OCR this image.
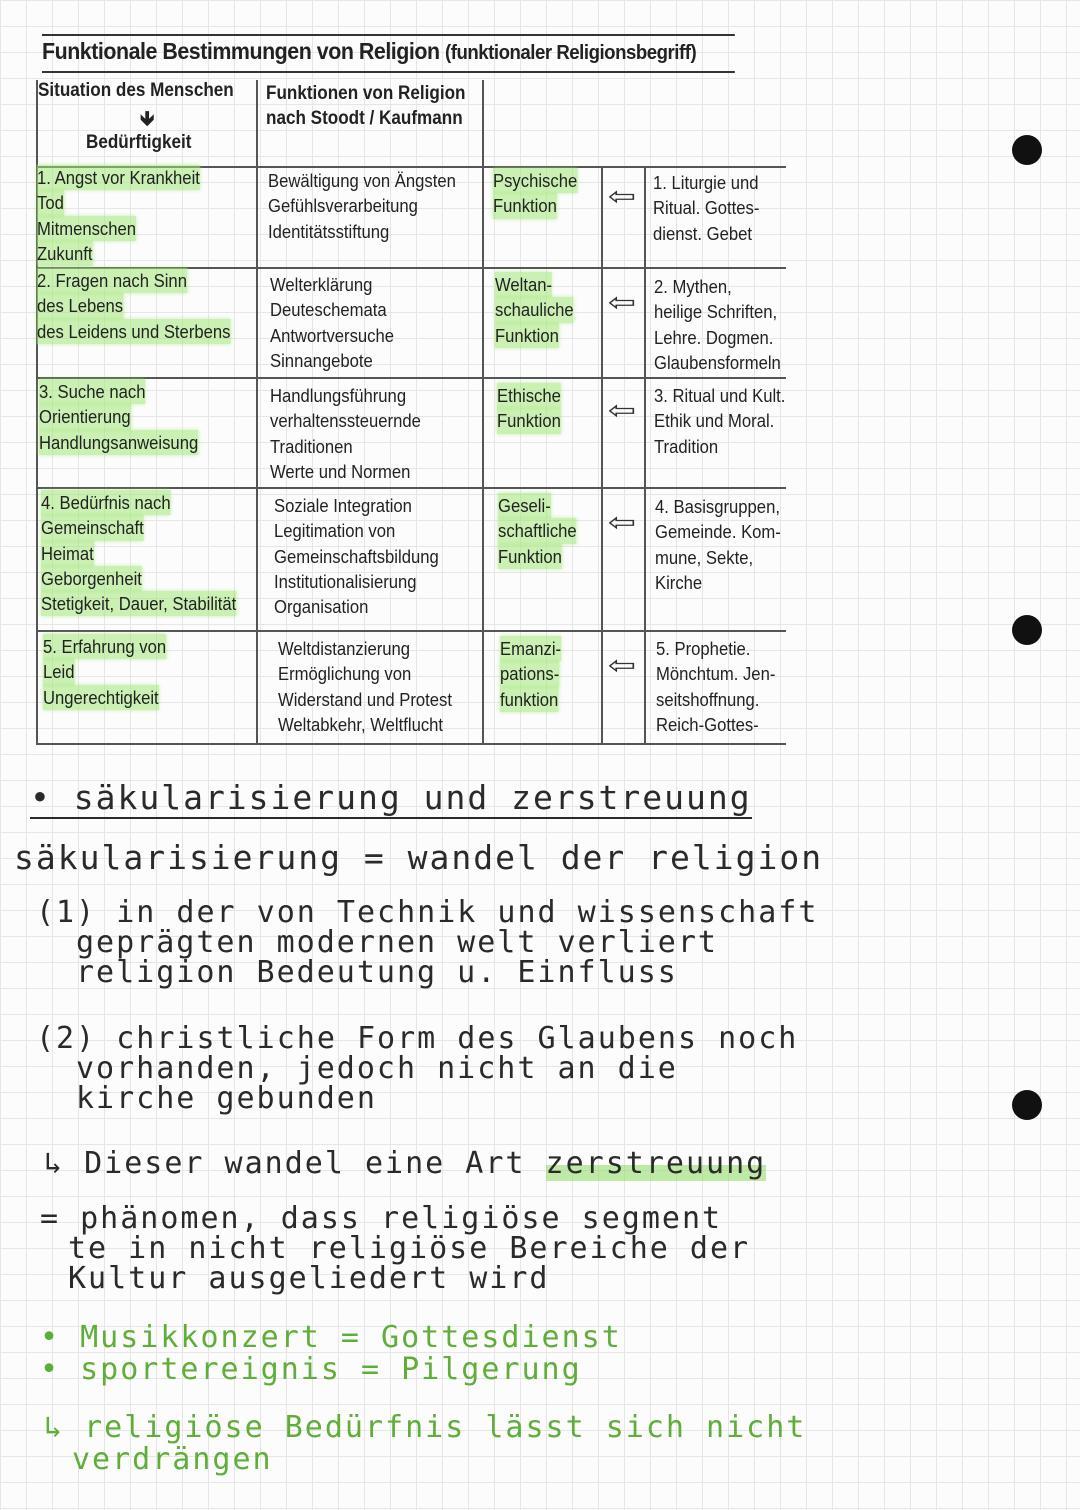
Funktionale Bestimmungen von Religion (funktionaler Religionsbegriff)
Situation des Menschen
🡻
Bedürftigkeit
Funktionen von Religion
nach Stoodt / Kaufmann
1. Angst vor Krankheit
Tod
Mitmenschen
Zukunft
Bewältigung von Ängsten
Gefühlsverarbeitung
Identitätsstiftung
Psychische
Funktion ⇦ 1. Liturgie und
Ritual. Gottes-
dienst. Gebet
2. Fragen nach Sinn
des Lebens
des Leidens und Sterbens
Welterklärung
Deuteschemata
Antwortversuche
Sinnangebote
Weltan-
schauliche
Funktion
⇦
2. Mythen,
heilige Schriften,
Lehre. Dogmen.
Glaubensformeln
3. Suche nach
Orientierung
Handlungsanweisung
Handlungsführung
verhaltenssteuernde
Traditionen
Werte und Normen
Ethische
Funktion ⇦ 3. Ritual und Kult.
Ethik und Moral.
Tradition
4. Bedürfnis nach
Gemeinschaft
Heimat
Geborgenheit
Stetigkeit, Dauer, Stabilität
Soziale Integration
Legitimation von
Gemeinschaftsbildung
Institutionalisierung
Organisation
Geseli-
schaftliche
Funktion
⇦
4. Basisgruppen,
Gemeinde. Kom-
mune, Sekte,
Kirche
5. Erfahrung von
Leid
Ungerechtigkeit
Weltdistanzierung
Ermöglichung von
Widerstand und Protest
Weltabkehr, Weltflucht
Emanzi-
pations-
funktion
⇦
5. Prophetie.
Mönchtum. Jen-
seitshoffnung.
Reich-Gottes-
• säkularisierung und zerstreuung
säkularisierung = wandel der religion
(1) in der von Technik und wissenschaft
geprägten modernen welt verliert
religion Bedeutung u. Einfluss
(2) christliche Form des Glaubens noch
vorhanden, jedoch nicht an die
kirche gebunden
↳ Dieser wandel eine Art zerstreuung
= phänomen, dass religiöse segment
te in nicht religiöse Bereiche der
Kultur ausgeliedert wird
• Musikkonzert = Gottesdienst
• sportereignis = Pilgerung
↳ religiöse Bedürfnis lässt sich nicht
verdrängen
